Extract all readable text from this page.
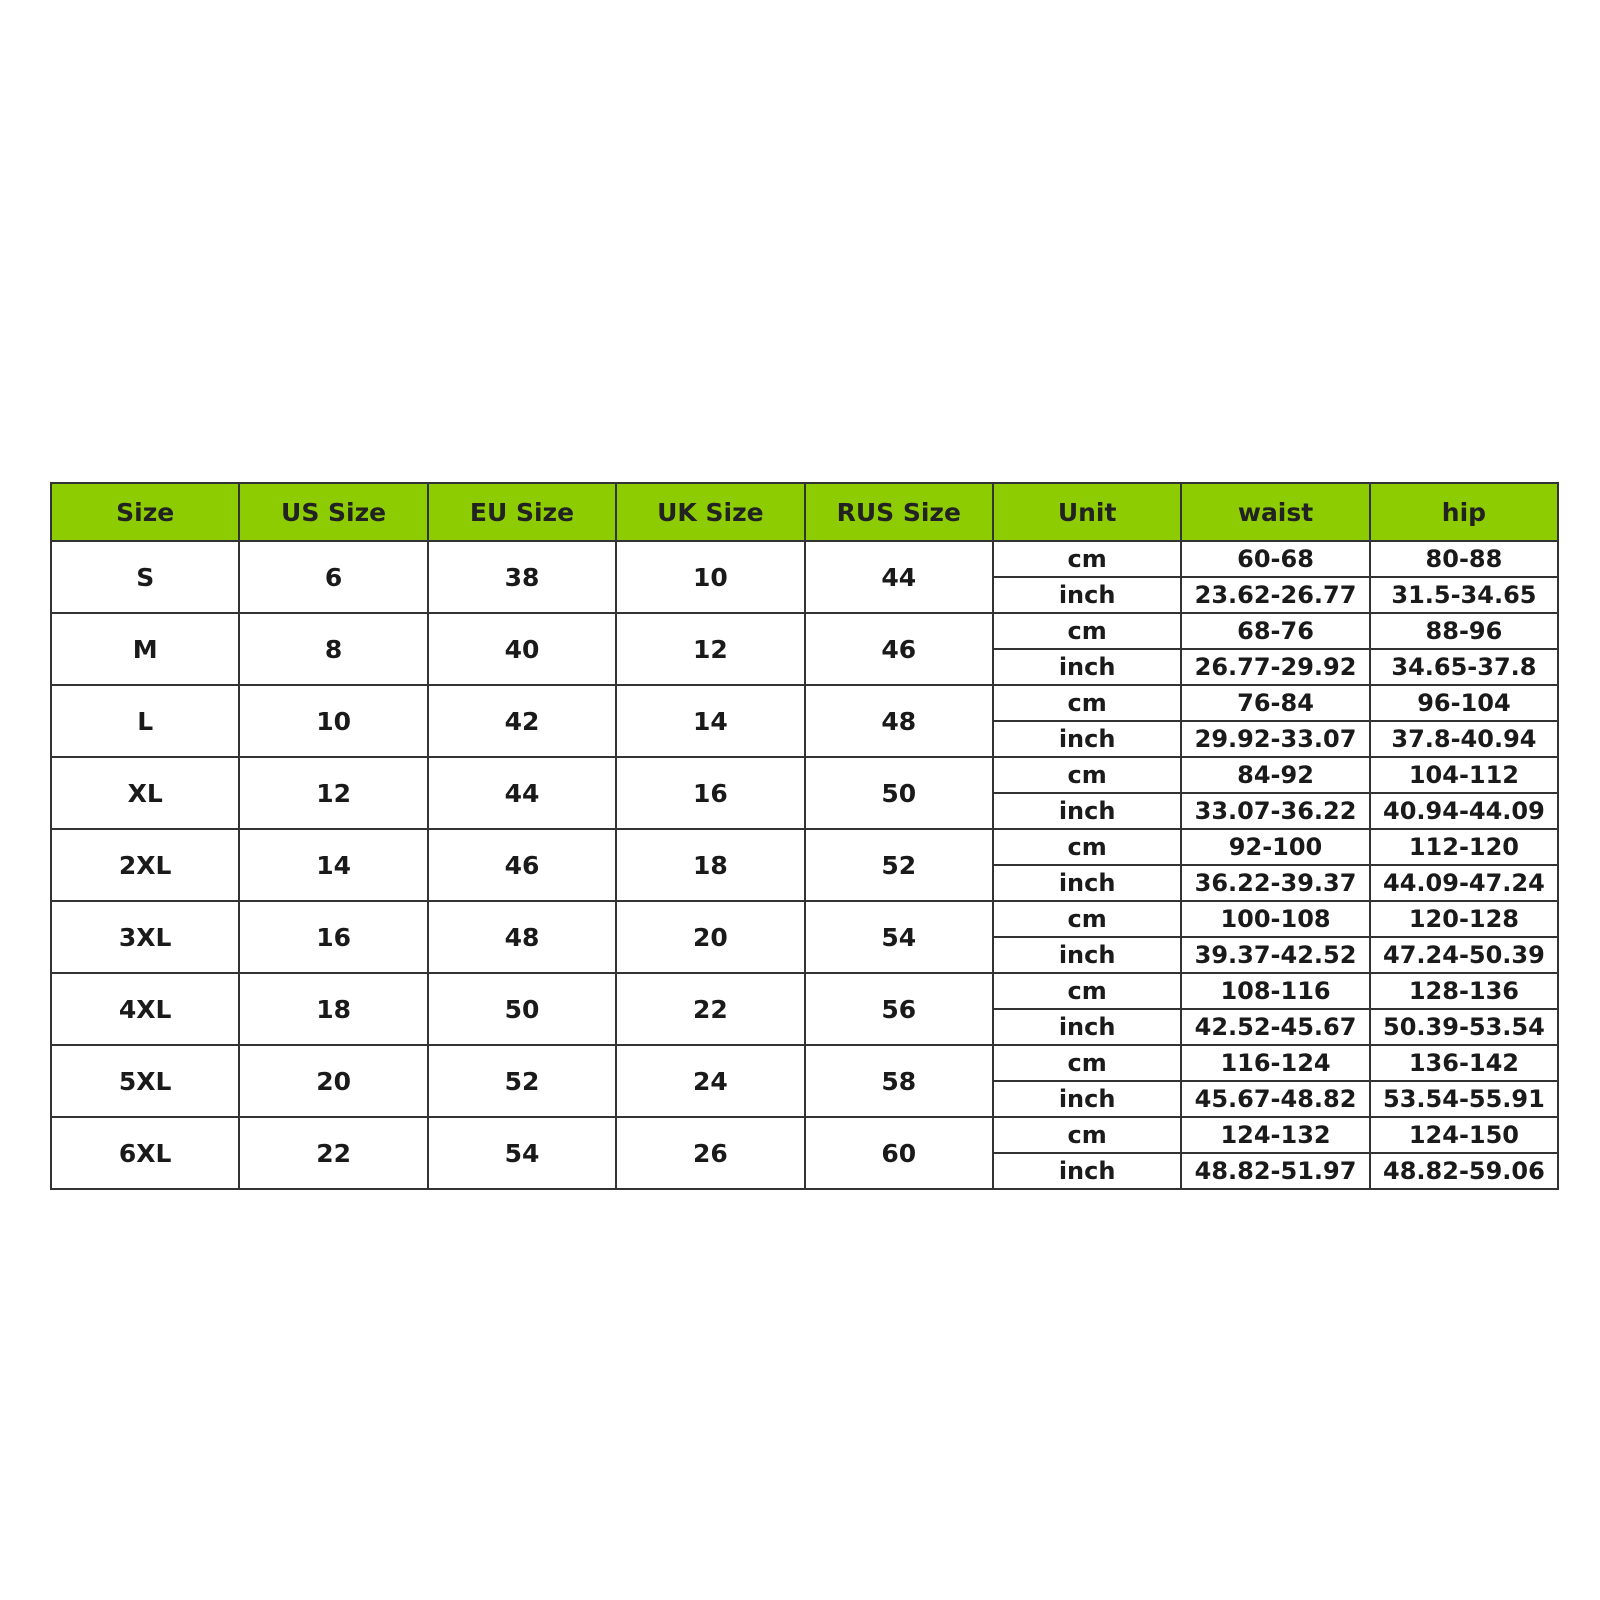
Size	US Size	EU Size	UK Size	RUS Size	Unit	waist	hip
S	6	38	10	44	cm	60-68	80-88
					inch	23.62-26.77	31.5-34.65
M	8	40	12	46	cm	68-76	88-96
					inch	26.77-29.92	34.65-37.8
L	10	42	14	48	cm	76-84	96-104
					inch	29.92-33.07	37.8-40.94
XL	12	44	16	50	cm	84-92	104-112
					inch	33.07-36.22	40.94-44.09
2XL	14	46	18	52	cm	92-100	112-120
					inch	36.22-39.37	44.09-47.24
3XL	16	48	20	54	cm	100-108	120-128
					inch	39.37-42.52	47.24-50.39
4XL	18	50	22	56	cm	108-116	128-136
					inch	42.52-45.67	50.39-53.54
5XL	20	52	24	58	cm	116-124	136-142
					inch	45.67-48.82	53.54-55.91
6XL	22	54	26	60	cm	124-132	124-150
					inch	48.82-51.97	48.82-59.06
